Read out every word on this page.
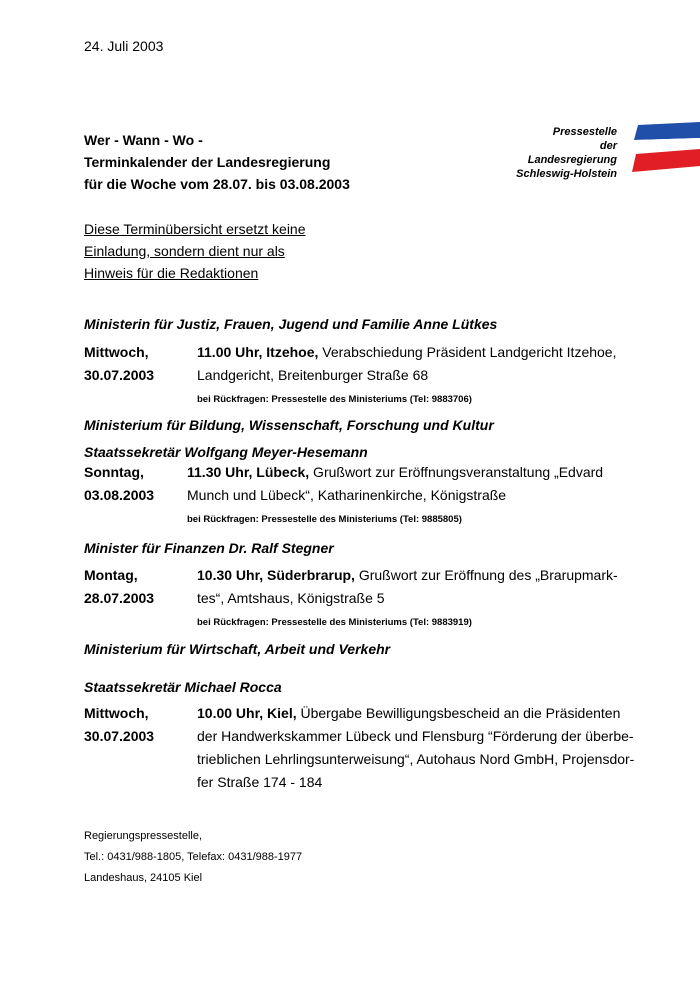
24. Juli 2003
Pressestelle
der
Landesregierung
Schleswig-Holstein
Wer - Wann - Wo -
Terminkalender der Landesregierung
für die Woche vom 28.07. bis 03.08.2003
Diese Terminübersicht ersetzt keine
Einladung, sondern dient nur als
Hinweis für die Redaktionen
Ministerin für Justiz, Frauen, Jugend und Familie Anne Lütkes
Mittwoch,
30.07.2003
11.00 Uhr, Itzehoe, Verabschiedung Präsident Landgericht Itzehoe,
Landgericht, Breitenburger Straße 68
bei Rückfragen: Pressestelle des Ministeriums (Tel: 9883706)
Ministerium für Bildung, Wissenschaft, Forschung und Kultur
Staatssekretär Wolfgang Meyer-Hesemann
Sonntag,
03.08.2003
11.30 Uhr, Lübeck, Grußwort zur Eröffnungsveranstaltung „Edvard
Munch und Lübeck“, Katharinenkirche, Königstraße
bei Rückfragen: Pressestelle des Ministeriums (Tel: 9885805)
Minister für Finanzen Dr. Ralf Stegner
Montag,
28.07.2003
10.30 Uhr, Süderbrarup, Grußwort zur Eröffnung des „Brarupmark-
tes“, Amtshaus, Königstraße 5
bei Rückfragen: Pressestelle des Ministeriums (Tel: 9883919)
Ministerium für Wirtschaft, Arbeit und Verkehr
Staatssekretär Michael Rocca
Mittwoch,
30.07.2003
10.00 Uhr, Kiel, Übergabe Bewilligungsbescheid an die Präsidenten
der Handwerkskammer Lübeck und Flensburg “Förderung der überbe-
trieblichen Lehrlingsunterweisung“, Autohaus Nord GmbH, Projensdor-
fer Straße 174 - 184
Regierungspressestelle,
Tel.: 0431/988-1805, Telefax: 0431/988-1977
Landeshaus, 24105 Kiel
